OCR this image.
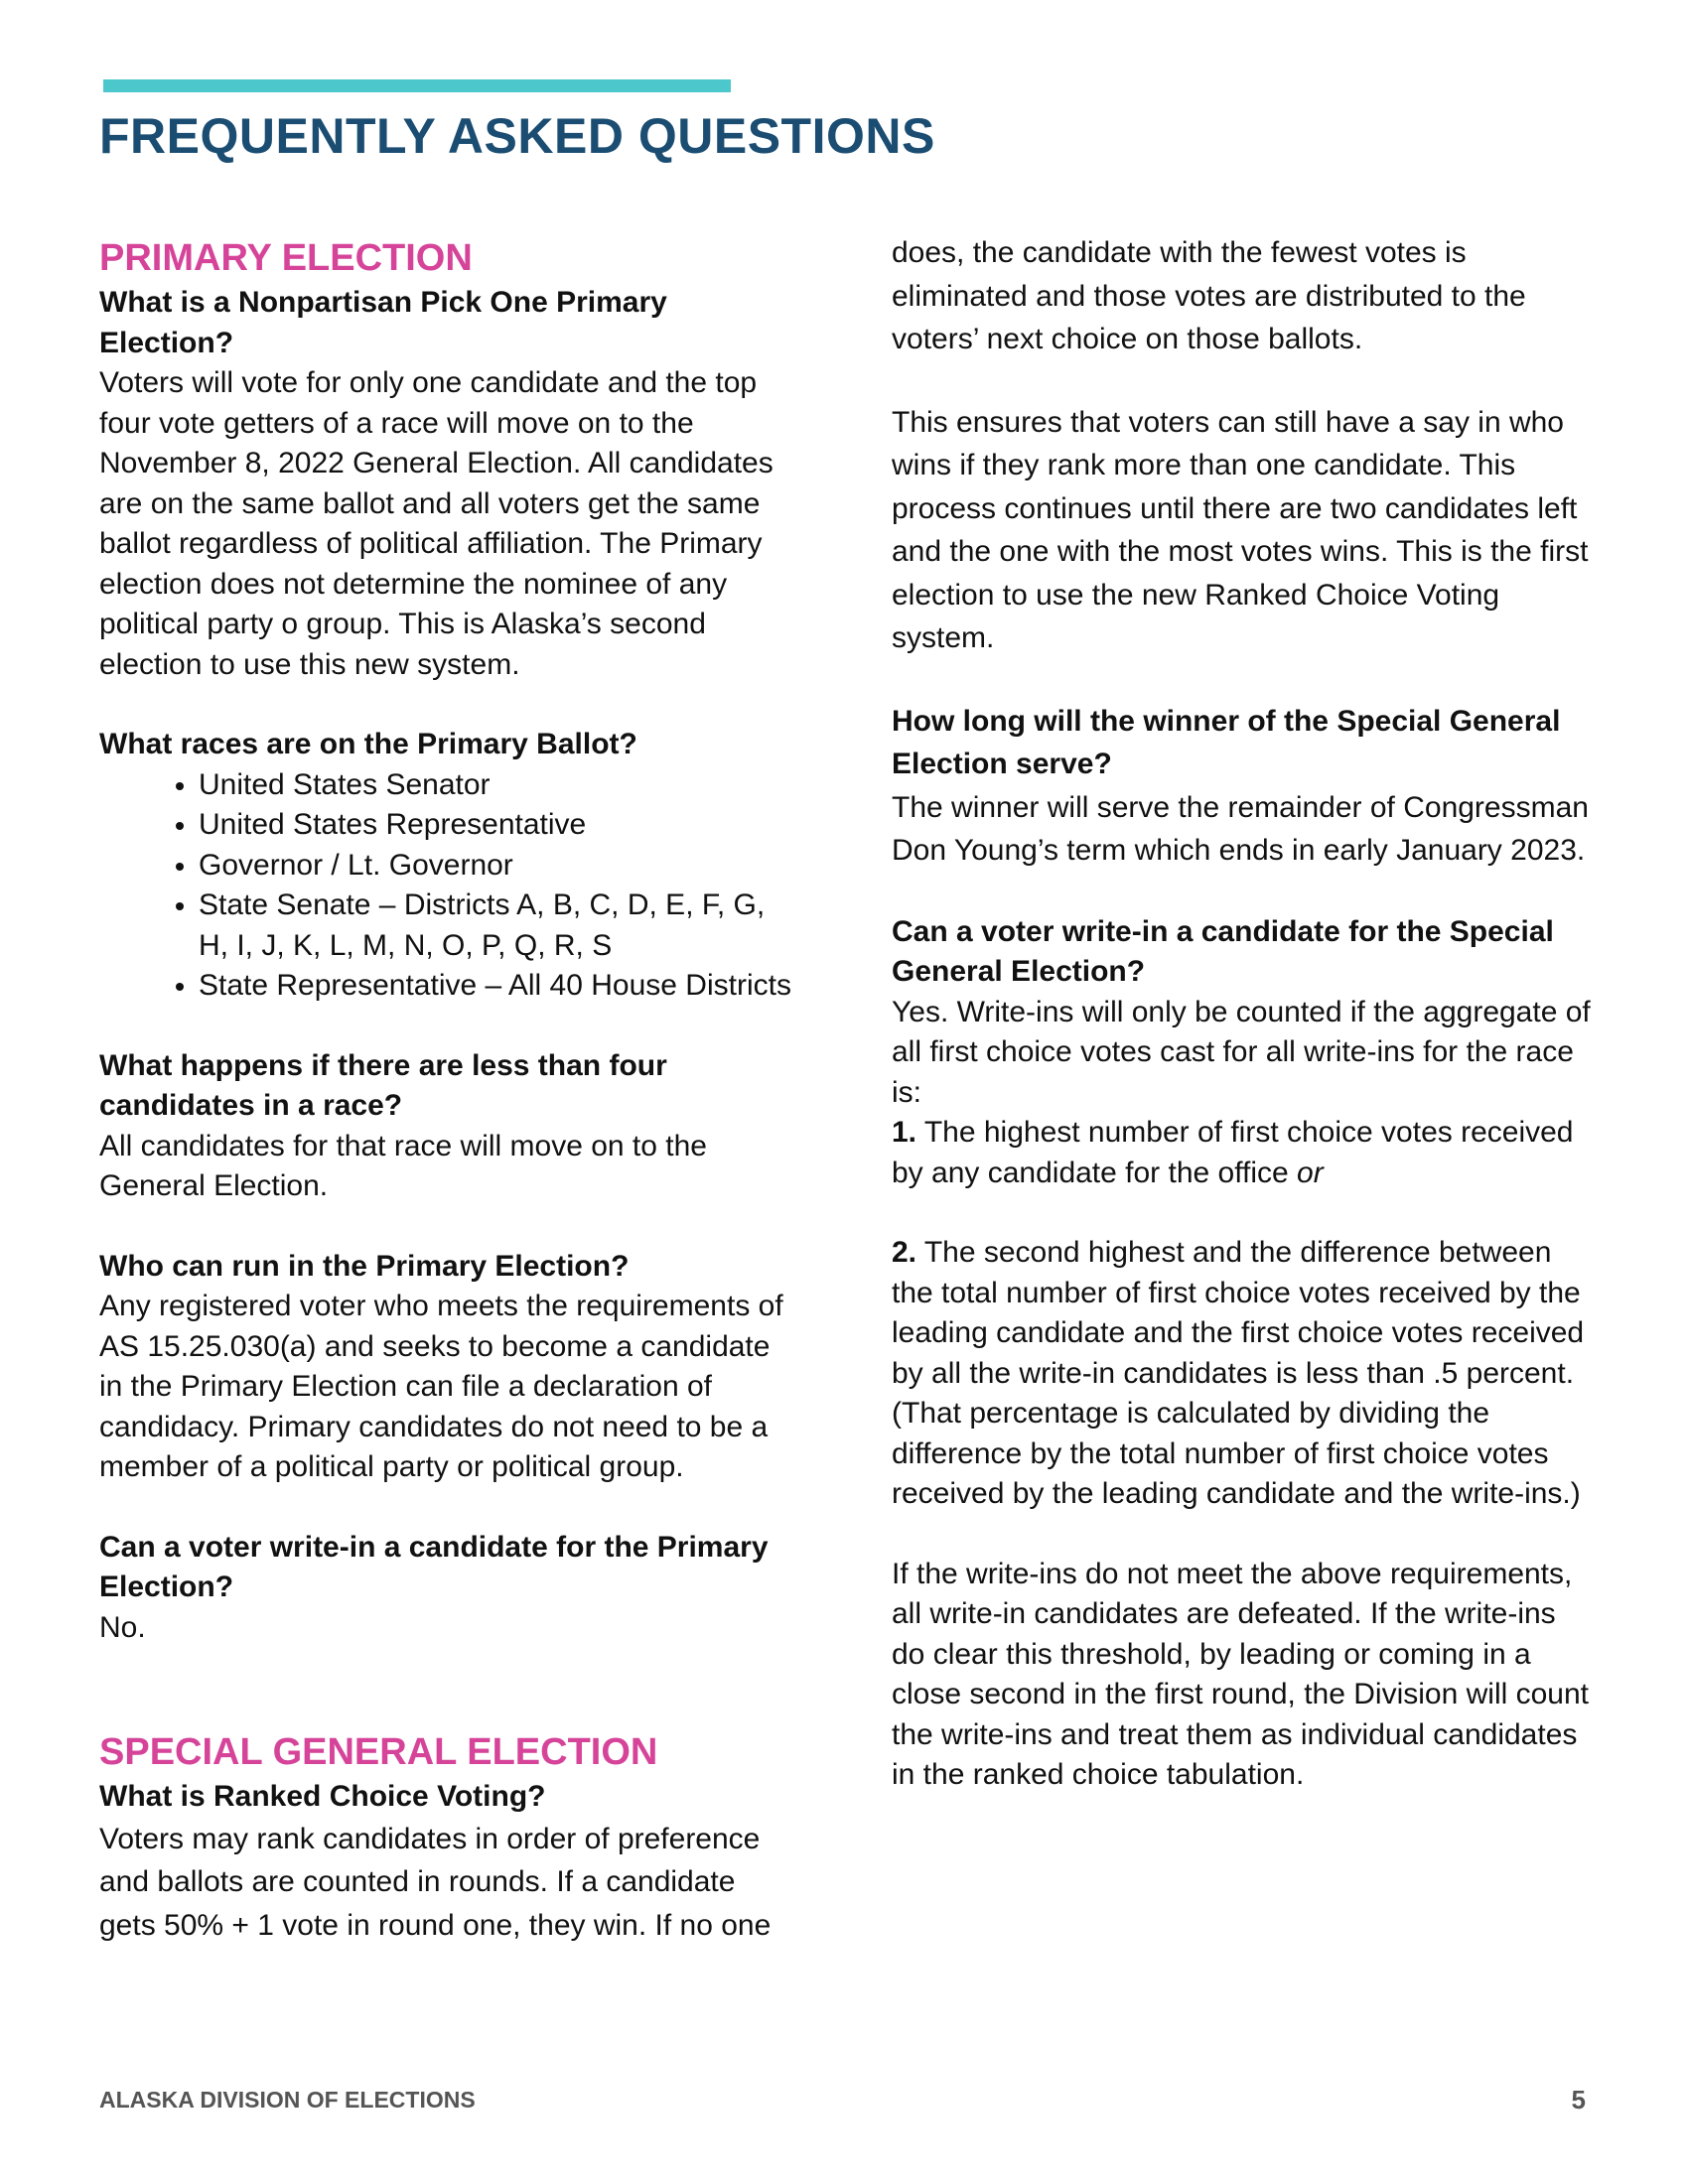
FREQUENTLY ASKED QUESTIONS
PRIMARY ELECTION

What is a Nonpartisan Pick One Primary Election?

Voters will vote for only one candidate and the top four vote getters of a race will move on to the November 8, 2022 General Election. All candidates are on the same ballot and all voters get the same ballot regardless of political affiliation. The Primary election does not determine the nominee of any political party o group. This is Alaska’s second election to use this new system.

What races are on the Primary Ballot?

• United States Senator
• United States Representative
• Governor / Lt. Governor
• State Senate – Districts A, B, C, D, E, F, G, H, I, J, K, L, M, N, O, P, Q, R, S
• State Representative – All 40 House Districts

What happens if there are less than four candidates in a race?

All candidates for that race will move on to the General Election.

Who can run in the Primary Election?

Any registered voter who meets the requirements of AS 15.25.030(a) and seeks to become a candidate in the Primary Election can file a declaration of candidacy. Primary candidates do not need to be a member of a political party or political group.

Can a voter write-in a candidate for the Primary Election?

No.

SPECIAL GENERAL ELECTION

What is Ranked Choice Voting?

Voters may rank candidates in order of preference and ballots are counted in rounds. If a candidate gets 50% + 1 vote in round one, they win. If no one

does, the candidate with the fewest votes is eliminated and those votes are distributed to the voters’ next choice on those ballots.

This ensures that voters can still have a say in who wins if they rank more than one candidate. This process continues until there are two candidates left and the one with the most votes wins. This is the first election to use the new Ranked Choice Voting system.

How long will the winner of the Special General Election serve?

The winner will serve the remainder of Congressman Don Young’s term which ends in early January 2023.

Can a voter write-in a candidate for the Special General Election?

Yes. Write-ins will only be counted if the aggregate of all first choice votes cast for all write-ins for the race is:

1. The highest number of first choice votes received by any candidate for the office or

2. The second highest and the difference between the total number of first choice votes received by the leading candidate and the first choice votes received by all the write-in candidates is less than .5 percent. (That percentage is calculated by dividing the difference by the total number of first choice votes received by the leading candidate and the write-ins.)

If the write-ins do not meet the above requirements, all write-in candidates are defeated. If the write-ins do clear this threshold, by leading or coming in a close second in the first round, the Division will count the write-ins and treat them as individual candidates in the ranked choice tabulation.

ALASKA DIVISION OF ELECTIONS	5
